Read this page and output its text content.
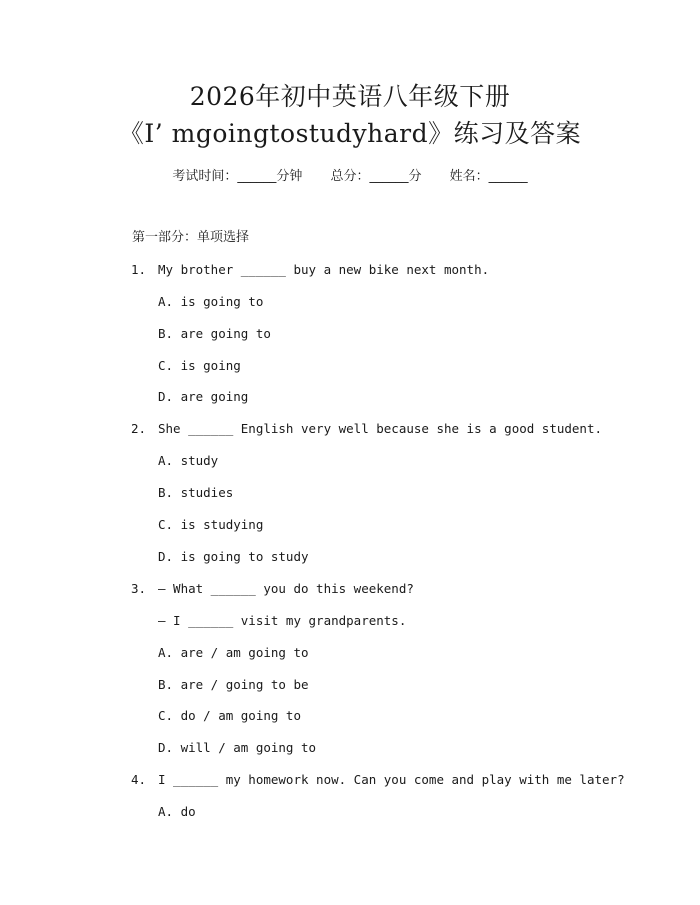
2026年初中英语八年级下册
《I’ mgoingtostudyhard》练习及答案
考试时间：______分钟 总分：______分 姓名：______
第一部分：单项选择
1. My brother ______ buy a new bike next month.
A. is going to
B. are going to
C. is going
D. are going
2. She ______ English very well because she is a good student.
A. study
B. studies
C. is studying
D. is going to study
3. — What ______ you do this weekend?
— I ______ visit my grandparents.
A. are / am going to
B. are / going to be
C. do / am going to
D. will / am going to
4. I ______ my homework now. Can you come and play with me later?
A. do
